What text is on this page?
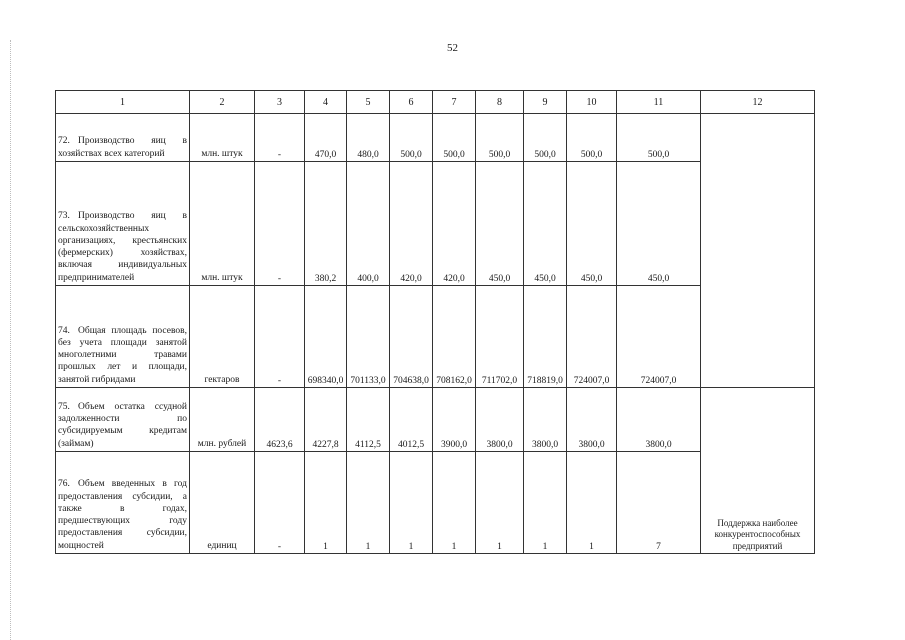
52
1	2	3	4	5	6	7	8	9	10	11	12
72. Производство яиц в хозяйствах всех категорий	млн. штук	-	470,0	480,0	500,0	500,0	500,0	500,0	500,0	500,0	
73. Производство яиц в сельскохозяйственных организациях, крестьянских (фермерских) хозяйствах, включая индивидуальных предпринимателей	млн. штук	-	380,2	400,0	420,0	420,0	450,0	450,0	450,0	450,0	
74. Общая площадь посевов, без учета площади занятой многолетними травами прошлых лет и площади, занятой гибридами	гектаров	-	698340,0	701133,0	704638,0	708162,0	711702,0	718819,0	724007,0	724007,0	
75. Объем остатка ссудной задолженности по субсидируемым кредитам (займам)	млн. рублей	4623,6	4227,8	4112,5	4012,5	3900,0	3800,0	3800,0	3800,0	3800,0	Поддержка наиболее конкурентоспособных предприятий
76. Объем введенных в год предоставления субсидии, а также в годах, предшествующих году предоставления субсидии, мощностей	единиц	-	1	1	1	1	1	1	1	7	
